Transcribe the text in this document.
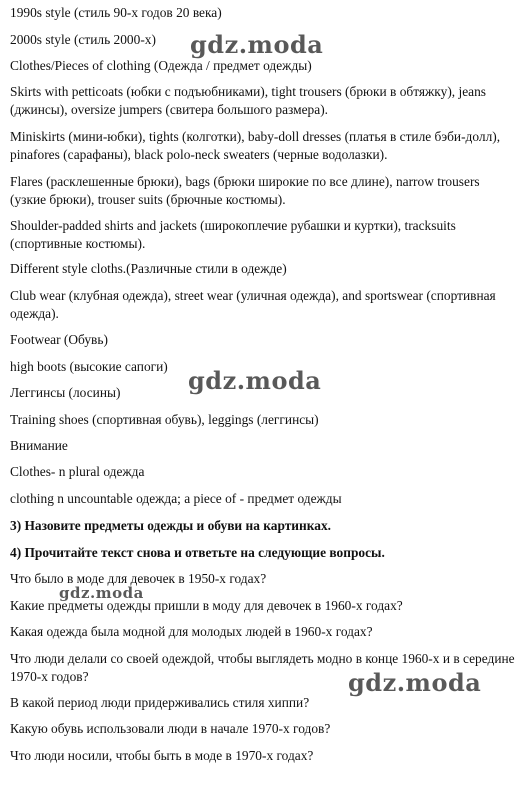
1990s style (стиль 90-х годов 20 века)
2000s style (стиль 2000-х)
Clothes/Pieces of clothing (Одежда / предмет одежды)
Skirts with petticoats (юбки с подъюбниками), tight trousers (брюки в обтяжку), jeans (джинсы), oversize jumpers (свитера большого размера).
Miniskirts (мини-юбки), tights (колготки), baby-doll dresses (платья в стиле бэби-долл), pinafores (сарафаны), black polo-neck sweaters (черные водолазки).
Flares (расклешенные брюки), bags (брюки широкие по все длине), narrow trousers (узкие брюки), trouser suits (брючные костюмы).
Shoulder-padded shirts and jackets (широкоплечие рубашки и куртки), tracksuits (спортивные костюмы).
Different style cloths.(Различные стили в одежде)
Club wear (клубная одежда), street wear (уличная одежда), and sportswear (спортивная одежда).
Footwear (Обувь)
high boots (высокие сапоги)
Леггинсы (лосины)
Training shoes (спортивная обувь), leggings (леггинсы)
Внимание
Clothes- n plural одежда
clothing n uncountable одежда; a piece of - предмет одежды
3) Назовите предметы одежды и обуви на картинках.
4) Прочитайте текст снова и ответьте на следующие вопросы.
Что было в моде для девочек в 1950-х годах?
Какие предметы одежды пришли в моду для девочек в 1960-х годах?
Какая одежда была модной для молодых людей в 1960-х годах?
Что люди делали со своей одеждой, чтобы выглядеть модно в конце 1960-х и в середине 1970-х годов?
В какой период люди придерживались стиля хиппи?
Какую обувь использовали люди в начале 1970-х годов?
Что люди носили, чтобы быть в моде в 1970-х годах?
gdz.moda
gdz.moda
gdz.moda
gdz.moda
